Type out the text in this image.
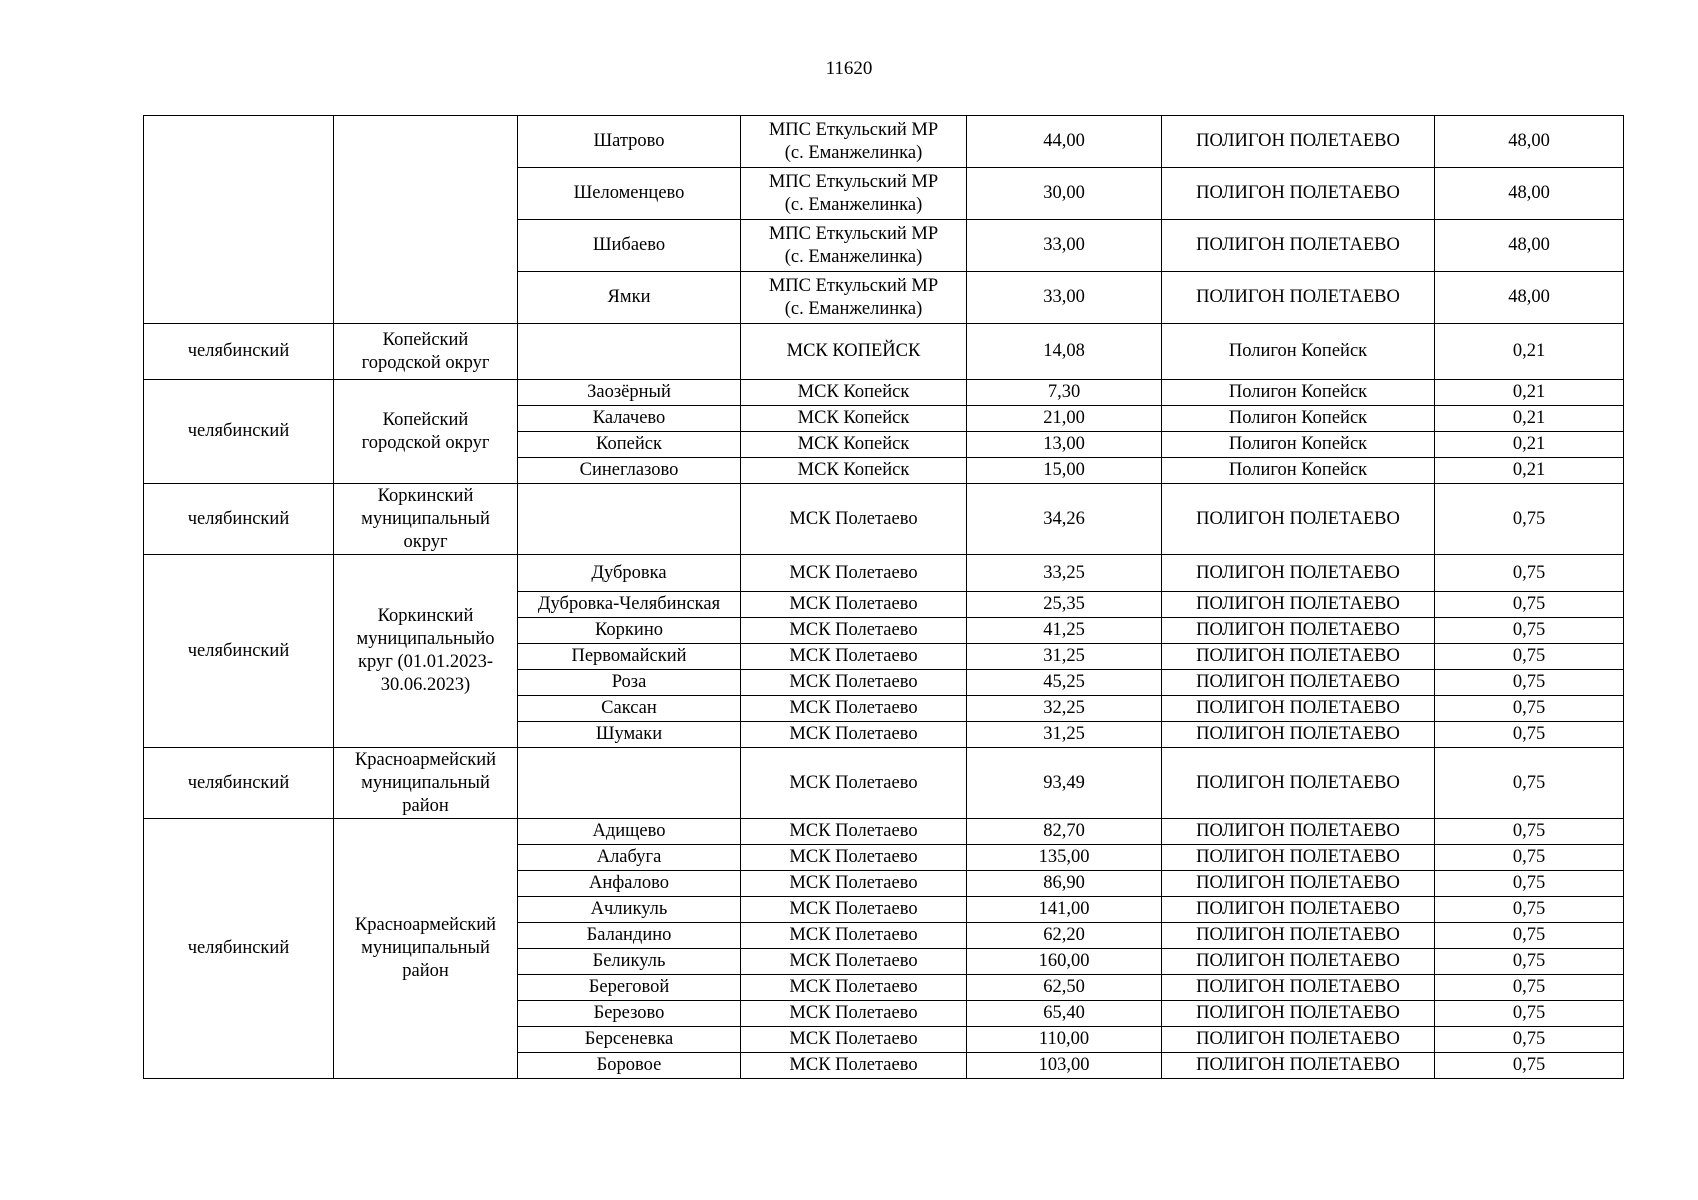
11620
		Шатрово	МПС Еткульский МР
(с. Еманжелинка)	44,00	ПОЛИГОН ПОЛЕТАЕВО	48,00
		Шеломенцево	МПС Еткульский МР
(с. Еманжелинка)	30,00	ПОЛИГОН ПОЛЕТАЕВО	48,00
		Шибаево	МПС Еткульский МР
(с. Еманжелинка)	33,00	ПОЛИГОН ПОЛЕТАЕВО	48,00
		Ямки	МПС Еткульский МР
(с. Еманжелинка)	33,00	ПОЛИГОН ПОЛЕТАЕВО	48,00
челябинский	Копейский
городской округ		МСК КОПЕЙСК	14,08	Полигон Копейск	0,21
челябинский	Копейский
городской округ	Заозёрный	МСК Копейск	7,30	Полигон Копейск	0,21
		Калачево	МСК Копейск	21,00	Полигон Копейск	0,21
		Копейск	МСК Копейск	13,00	Полигон Копейск	0,21
		Синеглазово	МСК Копейск	15,00	Полигон Копейск	0,21
челябинский	Коркинский
муниципальный
округ		МСК Полетаево	34,26	ПОЛИГОН ПОЛЕТАЕВО	0,75
челябинский	Коркинский
муниципальныйо
круг (01.01.2023-
30.06.2023)	Дубровка	МСК Полетаево	33,25	ПОЛИГОН ПОЛЕТАЕВО	0,75
		Дубровка-Челябинская	МСК Полетаево	25,35	ПОЛИГОН ПОЛЕТАЕВО	0,75
		Коркино	МСК Полетаево	41,25	ПОЛИГОН ПОЛЕТАЕВО	0,75
		Первомайский	МСК Полетаево	31,25	ПОЛИГОН ПОЛЕТАЕВО	0,75
		Роза	МСК Полетаево	45,25	ПОЛИГОН ПОЛЕТАЕВО	0,75
		Саксан	МСК Полетаево	32,25	ПОЛИГОН ПОЛЕТАЕВО	0,75
		Шумаки	МСК Полетаево	31,25	ПОЛИГОН ПОЛЕТАЕВО	0,75
челябинский	Красноармейский
муниципальный
район		МСК Полетаево	93,49	ПОЛИГОН ПОЛЕТАЕВО	0,75
челябинский	Красноармейский
муниципальный
район	Адищево	МСК Полетаево	82,70	ПОЛИГОН ПОЛЕТАЕВО	0,75
		Алабуга	МСК Полетаево	135,00	ПОЛИГОН ПОЛЕТАЕВО	0,75
		Анфалово	МСК Полетаево	86,90	ПОЛИГОН ПОЛЕТАЕВО	0,75
		Ачликуль	МСК Полетаево	141,00	ПОЛИГОН ПОЛЕТАЕВО	0,75
		Баландино	МСК Полетаево	62,20	ПОЛИГОН ПОЛЕТАЕВО	0,75
		Беликуль	МСК Полетаево	160,00	ПОЛИГОН ПОЛЕТАЕВО	0,75
		Береговой	МСК Полетаево	62,50	ПОЛИГОН ПОЛЕТАЕВО	0,75
		Березово	МСК Полетаево	65,40	ПОЛИГОН ПОЛЕТАЕВО	0,75
		Берсеневка	МСК Полетаево	110,00	ПОЛИГОН ПОЛЕТАЕВО	0,75
		Боровое	МСК Полетаево	103,00	ПОЛИГОН ПОЛЕТАЕВО	0,75
